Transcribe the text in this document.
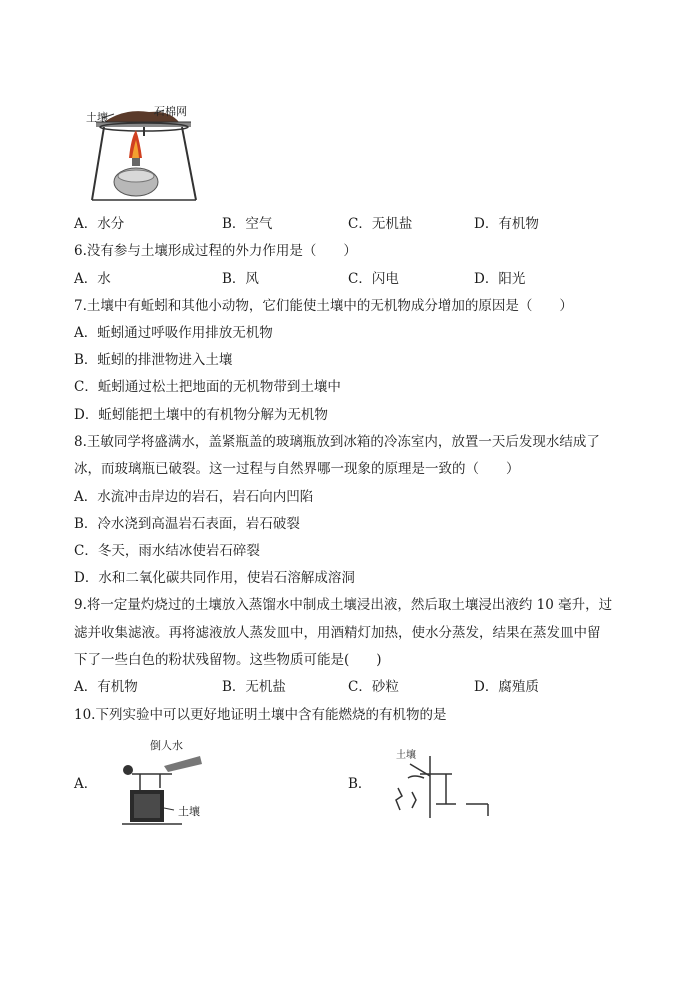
土壤	石棉网
A．水分	B．空气	C．无机盐	D．有机物
6.没有参与土壤形成过程的外力作用是（　　）
A．水	B．风	C．闪电	D．阳光
7.土壤中有蚯蚓和其他小动物，它们能使土壤中的无机物成分增加的原因是（　　）
A．蚯蚓通过呼吸作用排放无机物
B．蚯蚓的排泄物进入土壤
C．蚯蚓通过松土把地面的无机物带到土壤中
D．蚯蚓能把土壤中的有机物分解为无机物
8.王敏同学将盛满水，盖紧瓶盖的玻璃瓶放到冰箱的冷冻室内，放置一天后发现水结成了
冰，而玻璃瓶已破裂。这一过程与自然界哪一现象的原理是一致的（　　）
A．水流冲击岸边的岩石，岩石向内凹陷
B．冷水浇到高温岩石表面，岩石破裂
C．冬天，雨水结冰使岩石碎裂
D．水和二氧化碳共同作用，使岩石溶解成溶洞
9.将一定量灼烧过的土壤放入蒸馏水中制成土壤浸出液，然后取土壤浸出液约 10 毫升，过
滤并收集滤液。再将滤液放人蒸发皿中，用酒精灯加热，使水分蒸发，结果在蒸发皿中留
下了一些白色的粉状残留物。这些物质可能是(　　)
A．有机物	B．无机盐	C．砂粒	D．腐殖质
10.下列实验中可以更好地证明土壤中含有能燃烧的有机物的是
A．
倒人水
土壤
B．
土壤
